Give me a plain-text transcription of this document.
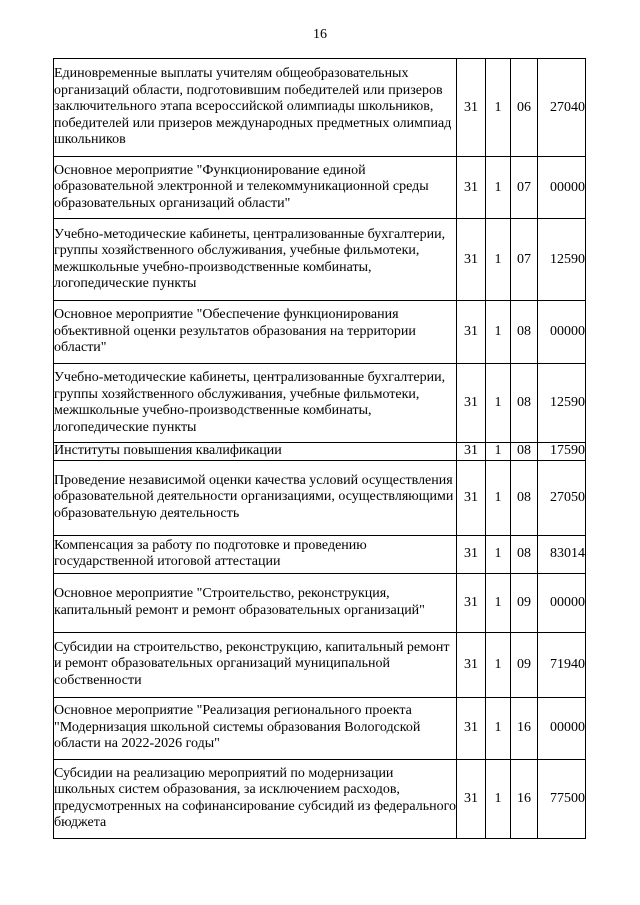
16
Единовременные выплаты учителям общеобразовательных организаций области, подготовившим победителей или призеров заключительного этапа всероссийской олимпиады школьников, победителей или призеров международных предметных олимпиад школьников	31	1	06	27040
Основное мероприятие "Функционирование единой образовательной электронной и телекоммуникационной среды образовательных организаций области"	31	1	07	00000
Учебно-методические кабинеты, централизованные бухгалтерии, группы хозяйственного обслуживания, учебные фильмотеки, межшкольные учебно-производственные комбинаты, логопедические пункты	31	1	07	12590
Основное мероприятие "Обеспечение функционирования объективной оценки результатов образования на территории области"	31	1	08	00000
Учебно-методические кабинеты, централизованные бухгалтерии, группы хозяйственного обслуживания, учебные фильмотеки, межшкольные учебно-производственные комбинаты, логопедические пункты	31	1	08	12590
Институты повышения квалификации	31	1	08	17590
Проведение независимой оценки качества условий осуществления образовательной деятельности организациями, осуществляющими образовательную деятельность	31	1	08	27050
Компенсация за работу по подготовке и проведению государственной итоговой аттестации	31	1	08	83014
Основное мероприятие "Строительство, реконструкция, капитальный ремонт и ремонт образовательных организаций"	31	1	09	00000
Субсидии на строительство, реконструкцию, капитальный ремонт и ремонт образовательных организаций муниципальной собственности	31	1	09	71940
Основное мероприятие "Реализация регионального проекта "Модернизация школьной системы образования Вологодской области на 2022-2026 годы"	31	1	16	00000
Субсидии на реализацию мероприятий по модернизации школьных систем образования, за исключением расходов, предусмотренных на софинансирование субсидий из федерального бюджета	31	1	16	77500
